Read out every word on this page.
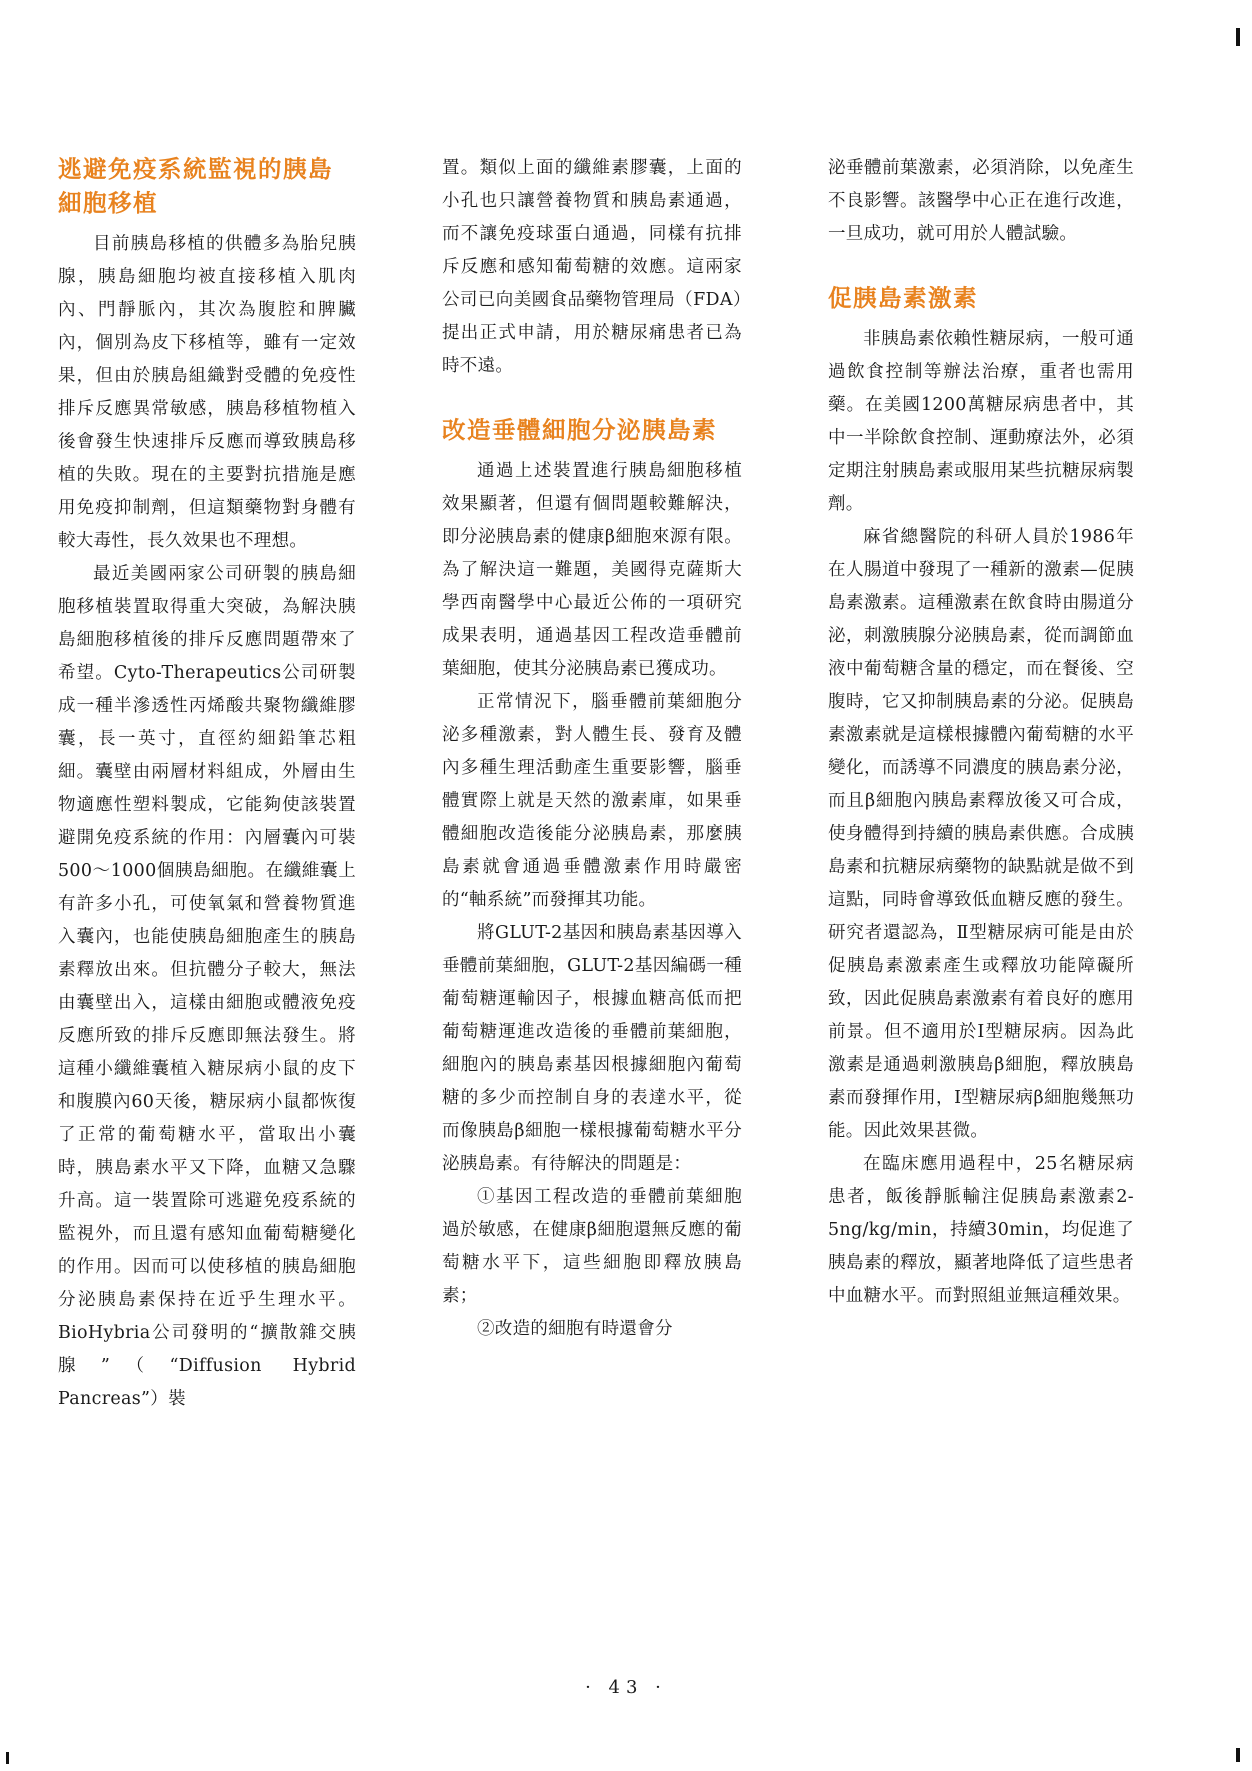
逃避免疫系統監視的胰島細胞移植

目前胰島移植的供體多為胎兒胰腺，胰島細胞均被直接移植入肌肉內、門靜脈內，其次為腹腔和脾臟內，個別為皮下移植等，雖有一定效果，但由於胰島組織對受體的免疫性排斥反應異常敏感，胰島移植物植入後會發生快速排斥反應而導致胰島移植的失敗。現在的主要對抗措施是應用免疫抑制劑，但這類藥物對身體有較大毒性，長久效果也不理想。

最近美國兩家公司研製的胰島細胞移植裝置取得重大突破，為解決胰島細胞移植後的排斥反應問題帶來了希望。Cyto-Therapeutics公司研製成一種半滲透性丙烯酸共聚物纖維膠囊，長一英寸，直徑約細鉛筆芯粗細。囊壁由兩層材料組成，外層由生物適應性塑料製成，它能夠使該裝置避開免疫系統的作用：內層囊內可裝500～1000個胰島細胞。在纖維囊上有許多小孔，可使氧氣和營養物質進入囊內，也能使胰島細胞產生的胰島素釋放出來。但抗體分子較大，無法由囊壁出入，這樣由細胞或體液免疫反應所致的排斥反應即無法發生。將這種小纖維囊植入糖尿病小鼠的皮下和腹膜內60天後，糖尿病小鼠都恢復了正常的葡萄糖水平，當取出小囊時，胰島素水平又下降，血糖又急驟升高。這一裝置除可逃避免疫系統的監視外，而且還有感知血葡萄糖變化的作用。因而可以使移植的胰島細胞分泌胰島素保持在近乎生理水平。BioHybria公司發明的“擴散雜交胰腺”（“Diffusion Hybrid Pancreas”）裝

置。類似上面的纖維素膠囊，上面的小孔也只讓營養物質和胰島素通過，而不讓免疫球蛋白通過，同樣有抗排斥反應和感知葡萄糖的效應。這兩家公司已向美國食品藥物管理局（FDA）提出正式申請，用於糖尿痛患者已為時不遠。

改造垂體細胞分泌胰島素

通過上述裝置進行胰島細胞移植效果顯著，但還有個問題較難解決，即分泌胰島素的健康β細胞來源有限。為了解決這一難題，美國得克薩斯大學西南醫學中心最近公佈的一項研究成果表明，通過基因工程改造垂體前葉細胞，使其分泌胰島素已獲成功。

正常情況下，腦垂體前葉細胞分泌多種激素，對人體生長、發育及體內多種生理活動產生重要影響，腦垂體實際上就是天然的激素庫，如果垂體細胞改造後能分泌胰島素，那麼胰島素就會通過垂體激素作用時嚴密的“軸系統”而發揮其功能。

將GLUT-2基因和胰島素基因導入垂體前葉細胞，GLUT-2基因編碼一種葡萄糖運輸因子，根據血糖高低而把葡萄糖運進改造後的垂體前葉細胞，細胞內的胰島素基因根據細胞內葡萄糖的多少而控制自身的表達水平，從而像胰島β細胞一樣根據葡萄糖水平分泌胰島素。有待解決的問題是：

①基因工程改造的垂體前葉細胞過於敏感，在健康β細胞還無反應的葡萄糖水平下，這些細胞即釋放胰島素；

②改造的細胞有時還會分

泌垂體前葉激素，必須消除，以免產生不良影響。該醫學中心正在進行改進，一旦成功，就可用於人體試驗。

促胰島素激素

非胰島素依賴性糖尿病，一般可通過飲食控制等辦法治療，重者也需用藥。在美國1200萬糖尿病患者中，其中一半除飲食控制、運動療法外，必須定期注射胰島素或服用某些抗糖尿病製劑。

麻省總醫院的科研人員於1986年在人腸道中發現了一種新的激素—促胰島素激素。這種激素在飲食時由腸道分泌，刺激胰腺分泌胰島素，從而調節血液中葡萄糖含量的穩定，而在餐後、空腹時，它又抑制胰島素的分泌。促胰島素激素就是這樣根據體內葡萄糖的水平變化，而誘導不同濃度的胰島素分泌，而且β細胞內胰島素釋放後又可合成，使身體得到持續的胰島素供應。合成胰島素和抗糖尿病藥物的缺點就是做不到這點，同時會導致低血糖反應的發生。研究者還認為，Ⅱ型糖尿病可能是由於促胰島素激素產生或釋放功能障礙所致，因此促胰島素激素有着良好的應用前景。但不適用於Ⅰ型糖尿病。因為此激素是通過刺激胰島β細胞，釋放胰島素而發揮作用，Ⅰ型糖尿病β細胞幾無功能。因此效果甚微。

在臨床應用過程中，25名糖尿病患者，飯後靜脈輸注促胰島素激素2-5ng/kg/min，持續30min，均促進了胰島素的釋放，顯著地降低了這些患者中血糖水平。而對照組並無這種效果。

· 43 ·
